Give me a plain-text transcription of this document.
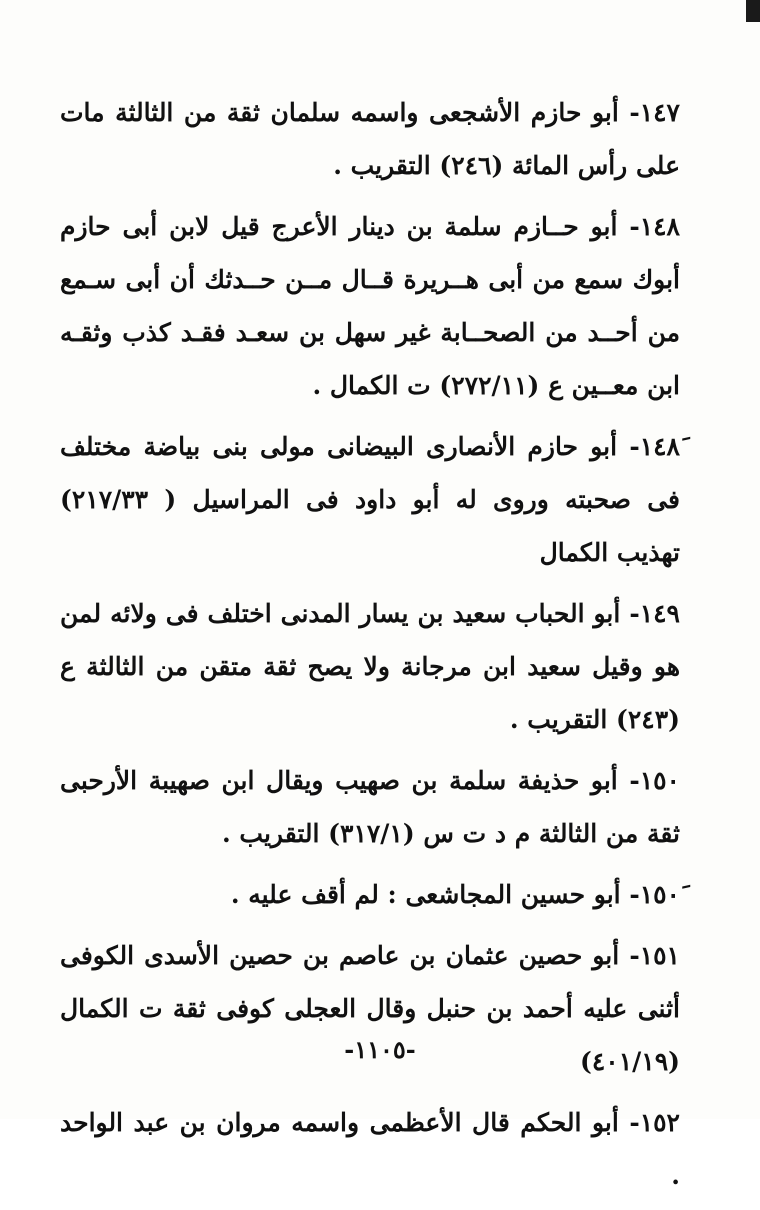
١٤٧- أبو حازم الأشجعى واسمه سلمان ثقة من الثالثة مات على رأس المائة (٢٤٦) التقريب .

١٤٨- أبو حــازم سلمة بن دينار الأعرج قيل لابن أبى حازم أبوك سمع من أبى هــريرة قــال مــن حــدثك أن أبى سـمع من أحــد من الصحــابة غير سهل بن سعـد فقـد كذب وثقـه ابن معــين ع (٢٧٢/١١) ت الكمال .

١٤٨َ- أبو حازم الأنصارى البيضانى مولى بنى بياضة مختلف فى صحبته وروى له أبو داود فى المراسيل ( ٢١٧/٣٣) تهذيب الكمال

١٤٩- أبو الحباب سعيد بن يسار المدنى اختلف فى ولائه لمن هو وقيل سعيد ابن مرجانة ولا يصح ثقة متقن من الثالثة ع (٢٤٣) التقريب .

١٥٠- أبو حذيفة سلمة بن صهيب ويقال ابن صهيبة الأرحبى ثقة من الثالثة م د ت س (٣١٧/١) التقريب .

١٥٠َ- أبو حسين المجاشعى : لم أقف عليه .

١٥١- أبو حصين عثمان بن عاصم بن حصين الأسدى الكوفى أثنى عليه أحمد بن حنبل وقال العجلى كوفى ثقة ت الكمال (٤٠١/١٩)

١٥٢- أبو الحكم قال الأعظمى واسمه مروان بن عبد الواحد .

-١١٠٥-
